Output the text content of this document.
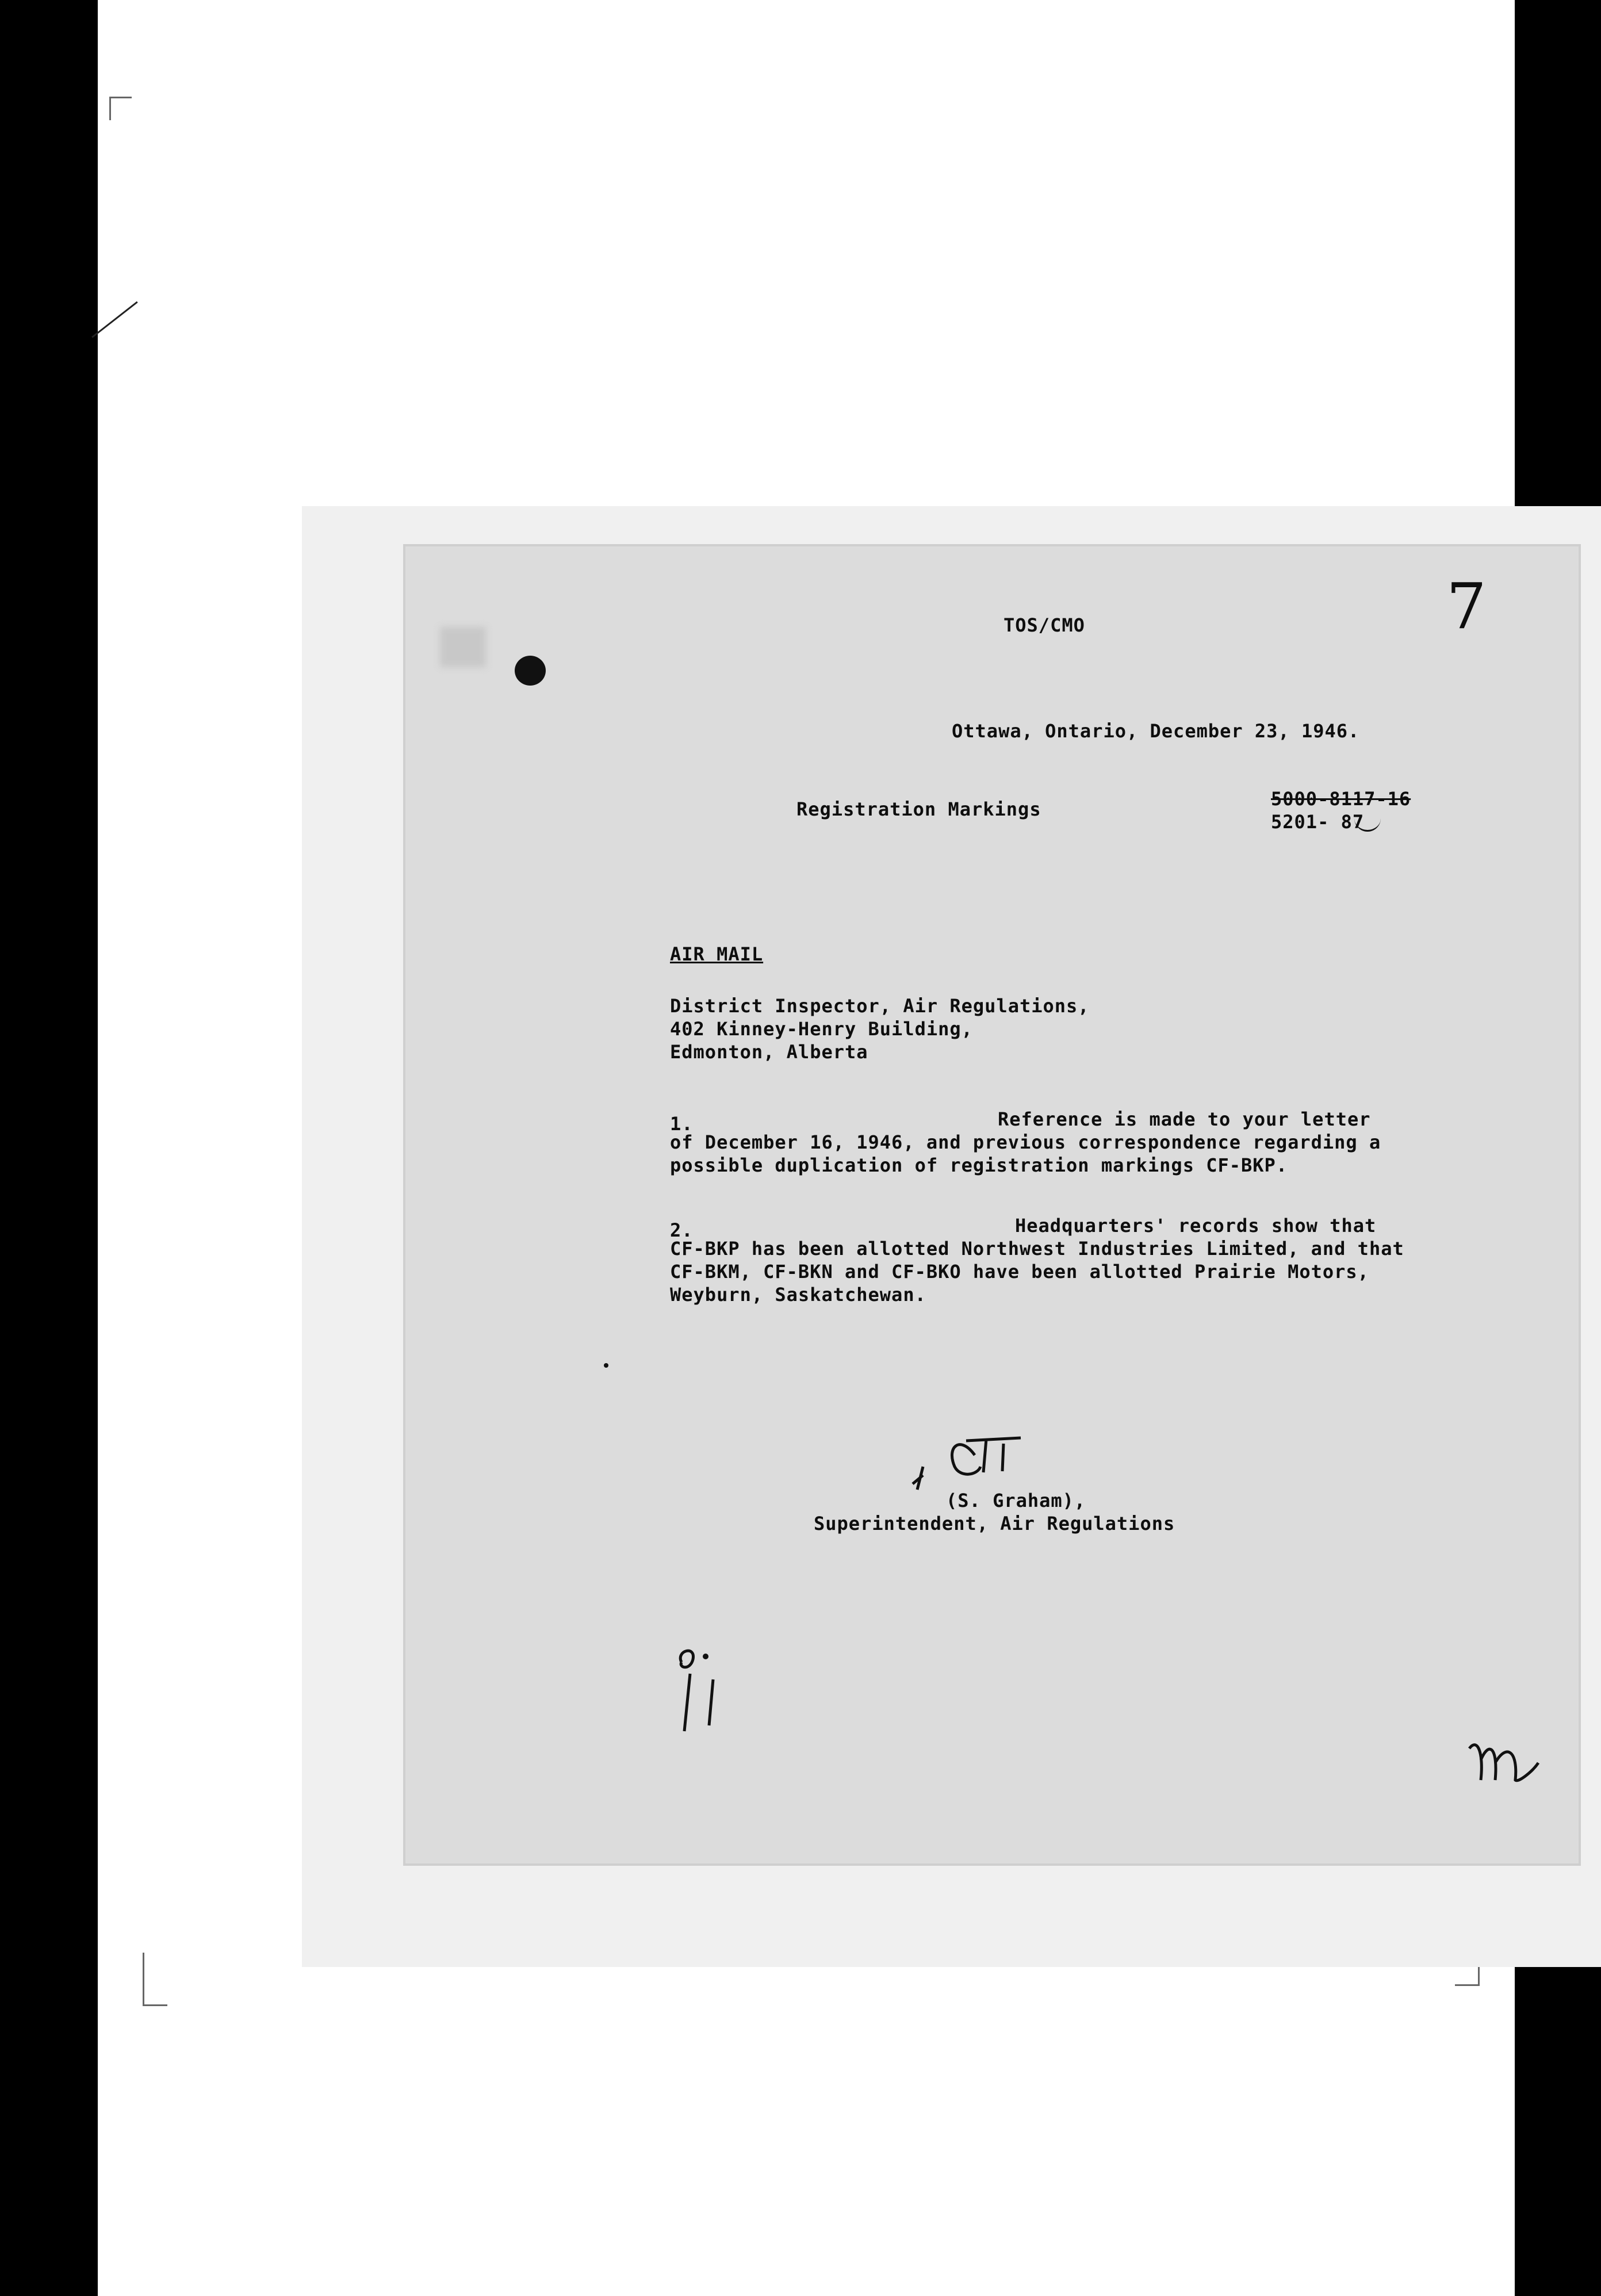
7
TOS/CMO
Ottawa, Ontario, December 23, 1946.
Registration Markings	5000-8117-16
5201- 87
AIR MAIL
District Inspector, Air Regulations,
402 Kinney-Henry Building,
Edmonton, Alberta
1.	Reference is made to your letter
of December 16, 1946, and previous correspondence regarding a
possible duplication of registration markings CF-BKP.
2.	Headquarters' records show that
CF-BKP has been allotted Northwest Industries Limited, and that
CF-BKM, CF-BKN and CF-BKO have been allotted Prairie Motors,
Weyburn, Saskatchewan.
(S. Graham),
Superintendent, Air Regulations
